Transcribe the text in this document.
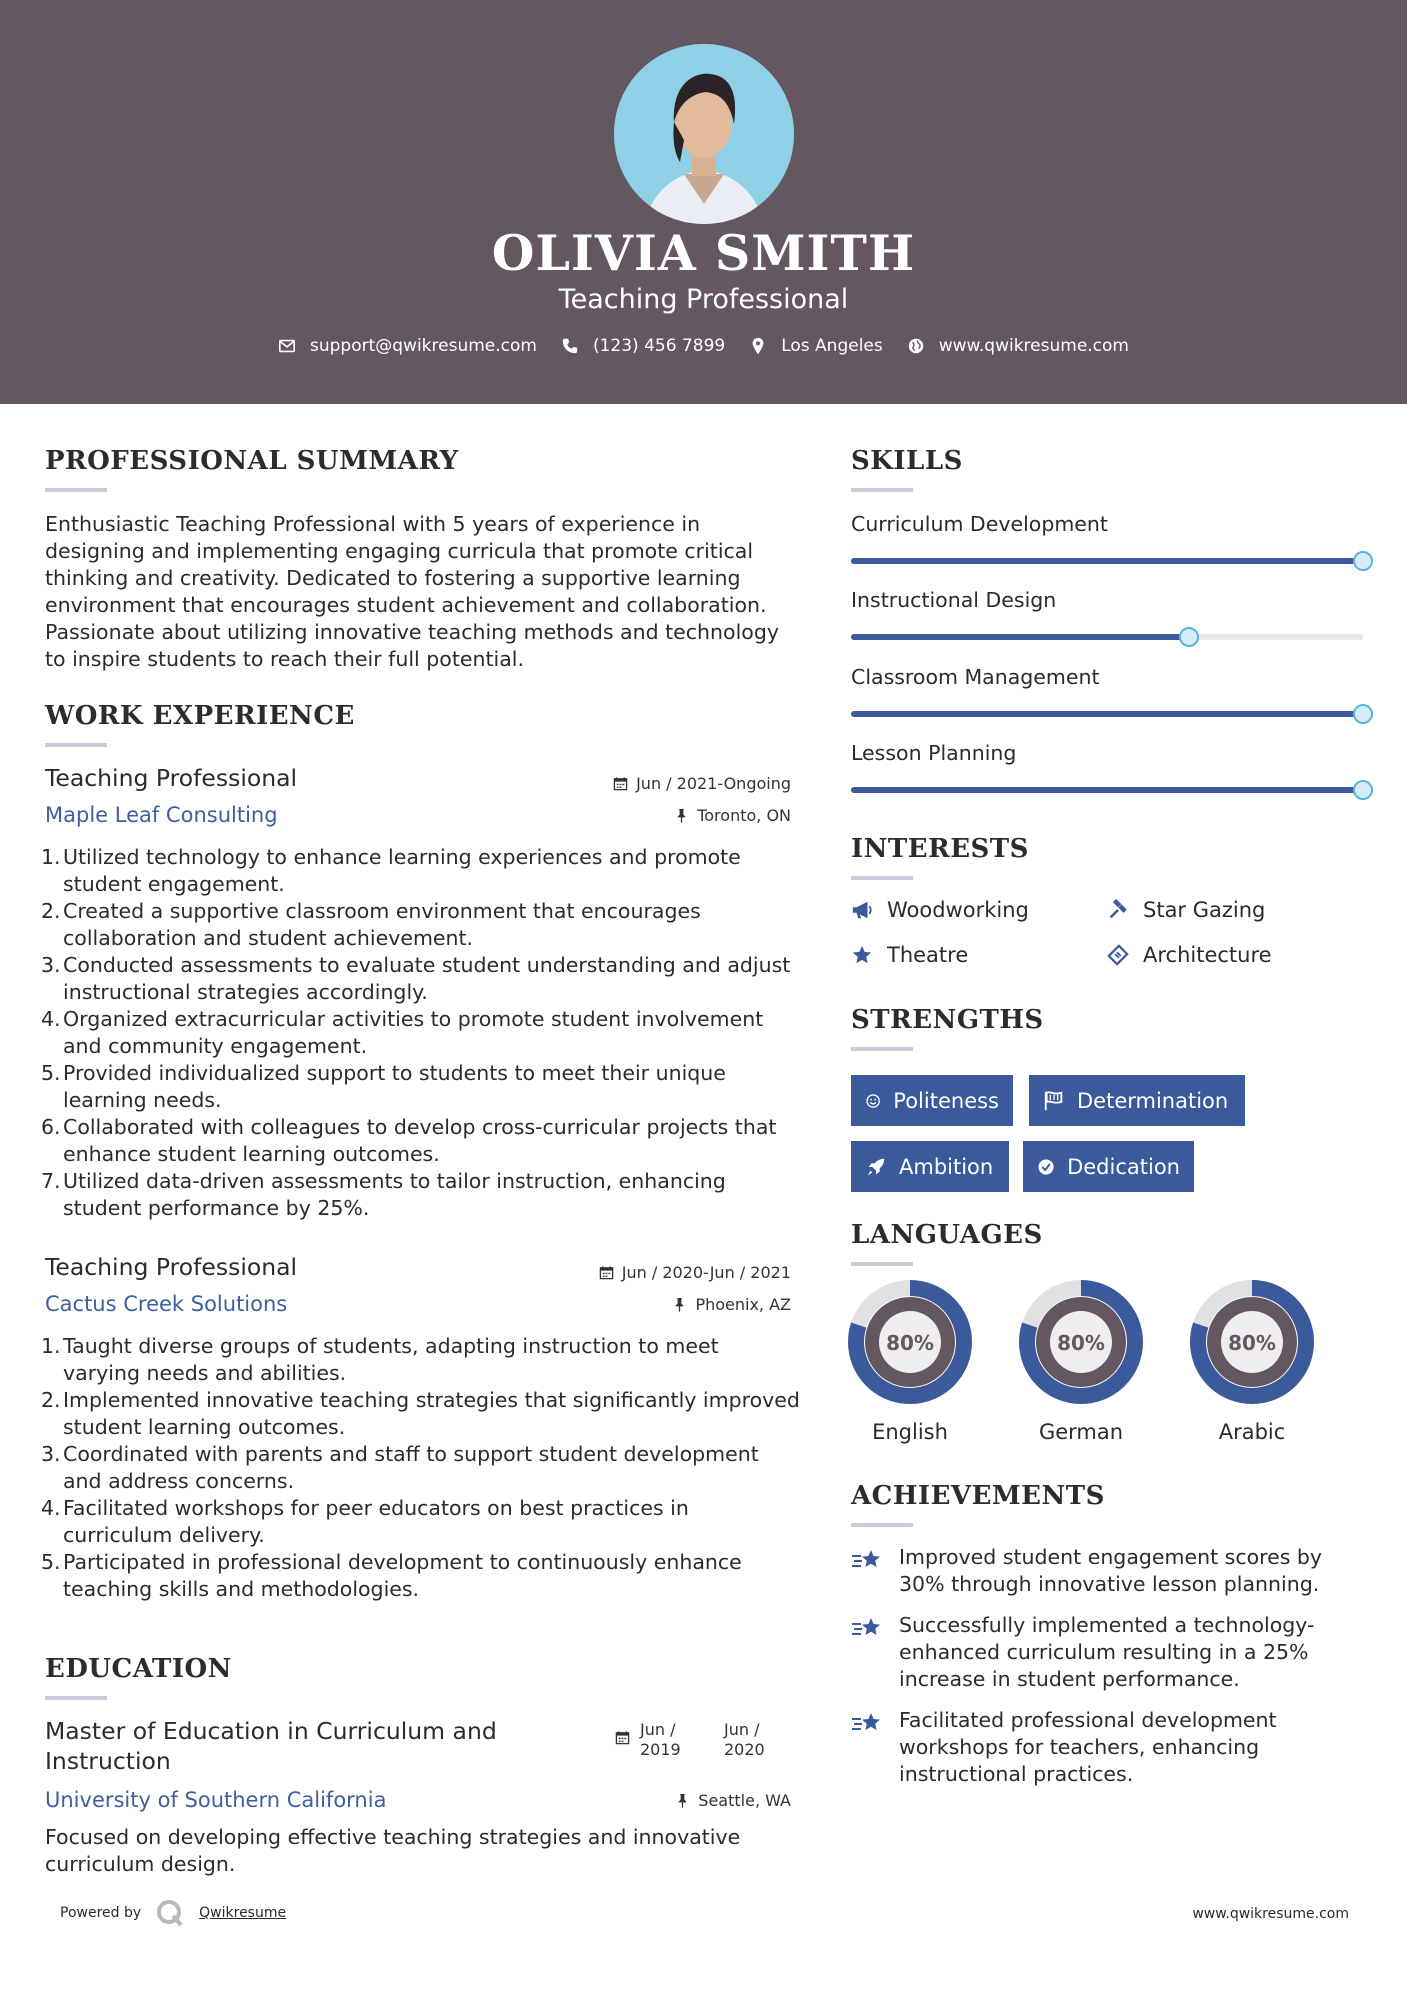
OLIVIA SMITH
Teaching Professional
support@qwikresume.com	(123) 456 7899	Los Angeles	www.qwikresume.com
PROFESSIONAL SUMMARY
Enthusiastic Teaching Professional with 5 years of experience in designing and implementing engaging curricula that promote critical thinking and creativity. Dedicated to fostering a supportive learning environment that encourages student achievement and collaboration. Passionate about utilizing innovative teaching methods and technology to inspire students to reach their full potential.
WORK EXPERIENCE
Teaching Professional	Jun / 2021-Ongoing
Maple Leaf Consulting	Toronto, ON
1. Utilized technology to enhance learning experiences and promote student engagement.
2. Created a supportive classroom environment that encourages collaboration and student achievement.
3. Conducted assessments to evaluate student understanding and adjust instructional strategies accordingly.
4. Organized extracurricular activities to promote student involvement and community engagement.
5. Provided individualized support to students to meet their unique learning needs.
6. Collaborated with colleagues to develop cross-curricular projects that enhance student learning outcomes.
7. Utilized data-driven assessments to tailor instruction, enhancing student performance by 25%.
Teaching Professional	Jun / 2020-Jun / 2021
Cactus Creek Solutions	Phoenix, AZ
1. Taught diverse groups of students, adapting instruction to meet varying needs and abilities.
2. Implemented innovative teaching strategies that significantly improved student learning outcomes.
3. Coordinated with parents and staff to support student development and address concerns.
4. Facilitated workshops for peer educators on best practices in curriculum delivery.
5. Participated in professional development to continuously enhance teaching skills and methodologies.
EDUCATION
Master of Education in Curriculum and Instruction
Jun / 2019
Jun / 2020
University of Southern California	Seattle, WA
Focused on developing effective teaching strategies and innovative curriculum design.
SKILLS
Curriculum Development
Instructional Design
Classroom Management
Lesson Planning
INTERESTS
Woodworking	Star Gazing
Theatre	Architecture
STRENGTHS
Politeness	Determination
Ambition	Dedication
LANGUAGES
80%
English
80%
German
80%
Arabic
ACHIEVEMENTS
Improved student engagement scores by 30% through innovative lesson planning.
Successfully implemented a technology-enhanced curriculum resulting in a 25% increase in student performance.
Facilitated professional development workshops for teachers, enhancing instructional practices.
Powered by	Qwikresume	www.qwikresume.com
